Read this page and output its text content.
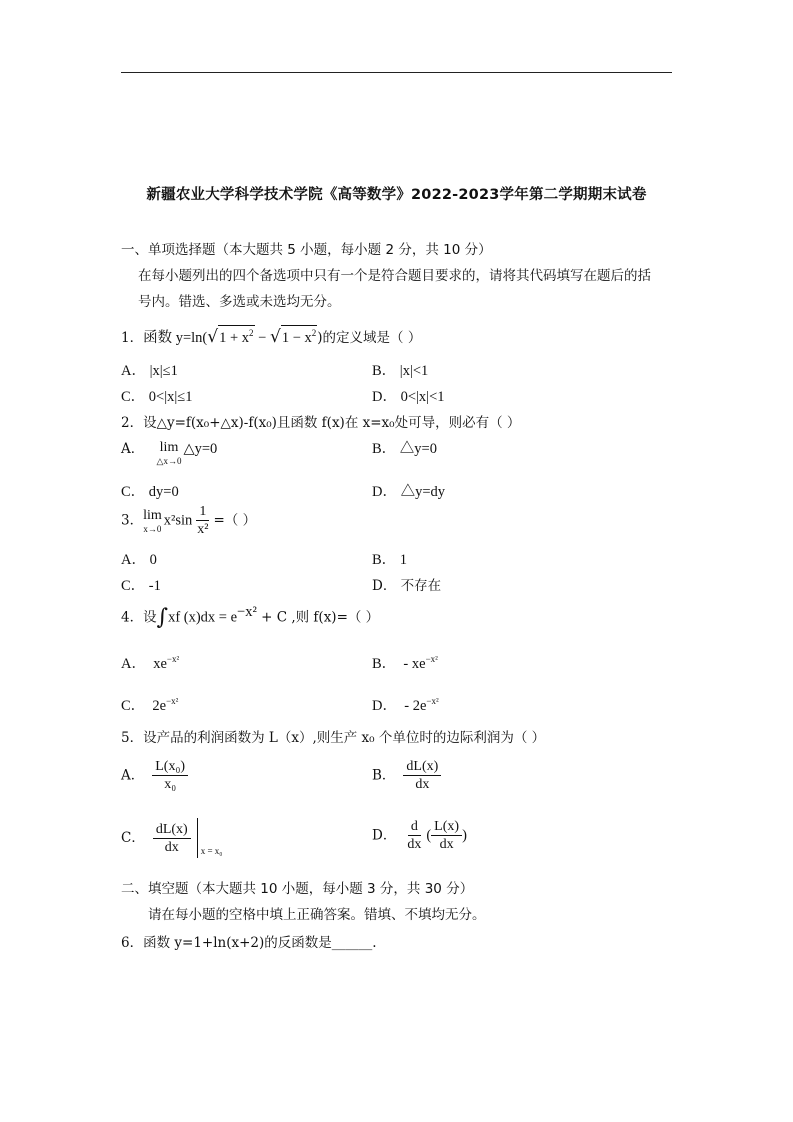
新疆农业大学科学技术学院《高等数学》2022-2023学年第二学期期末试卷
一、单项选择题（本大题共 5 小题，每小题 2 分，共 10 分）
在每小题列出的四个备选项中只有一个是符合题目要求的，请将其代码填写在题后的括
号内。错选、多选或未选均无分。
1．函数 $y=\ln(√1 + x^2 - √1 - x^2)$的定义域是（ ）
A． |x|≤1	B． |x|<1
C． 0<|x|≤1	D． 0<|x|<1
2．设△y=f(x₀+△x)-f(x₀)且函数 f(x)在 x=x₀处可导，则必有（ ）
A． lim
△x→0
△y=0	B． △y=0
C． dy=0	D． △y=dy
3． lim
x→0 $x^2\sin \frac{1}{\text{x²}}$ =（ ）
A． 0	B． 1
C． -1	D． 不存在
4．设∫xf $(x)dx = e^{-x^2} + C$ ,则 f(x)=（ ）
A． $xe^{-x^2}$	B． - $xe^{-x^2}$
C． $2e^{-x^2}$	D． - $2e^{-x^2}$
5．设产品的利润函数为 L（x）,则生产 x₀ 个单位时的边际利润为（ ）
A． $\frac{\text{L(x₀)}}{\text{x₀}}$	B． $\frac{dL(x)}{dx}$
C． $\frac{dL(x)}{dx}$ x = x₀
D． $\frac{d}{dx}$ ( $\frac{L(x)}{dx}$ )
二、填空题（本大题共 10 小题，每小题 3 分，共 30 分）
请在每小题的空格中填上正确答案。错填、不填均无分。
6．函数 y=1+ln(x+2)的反函数是______.
